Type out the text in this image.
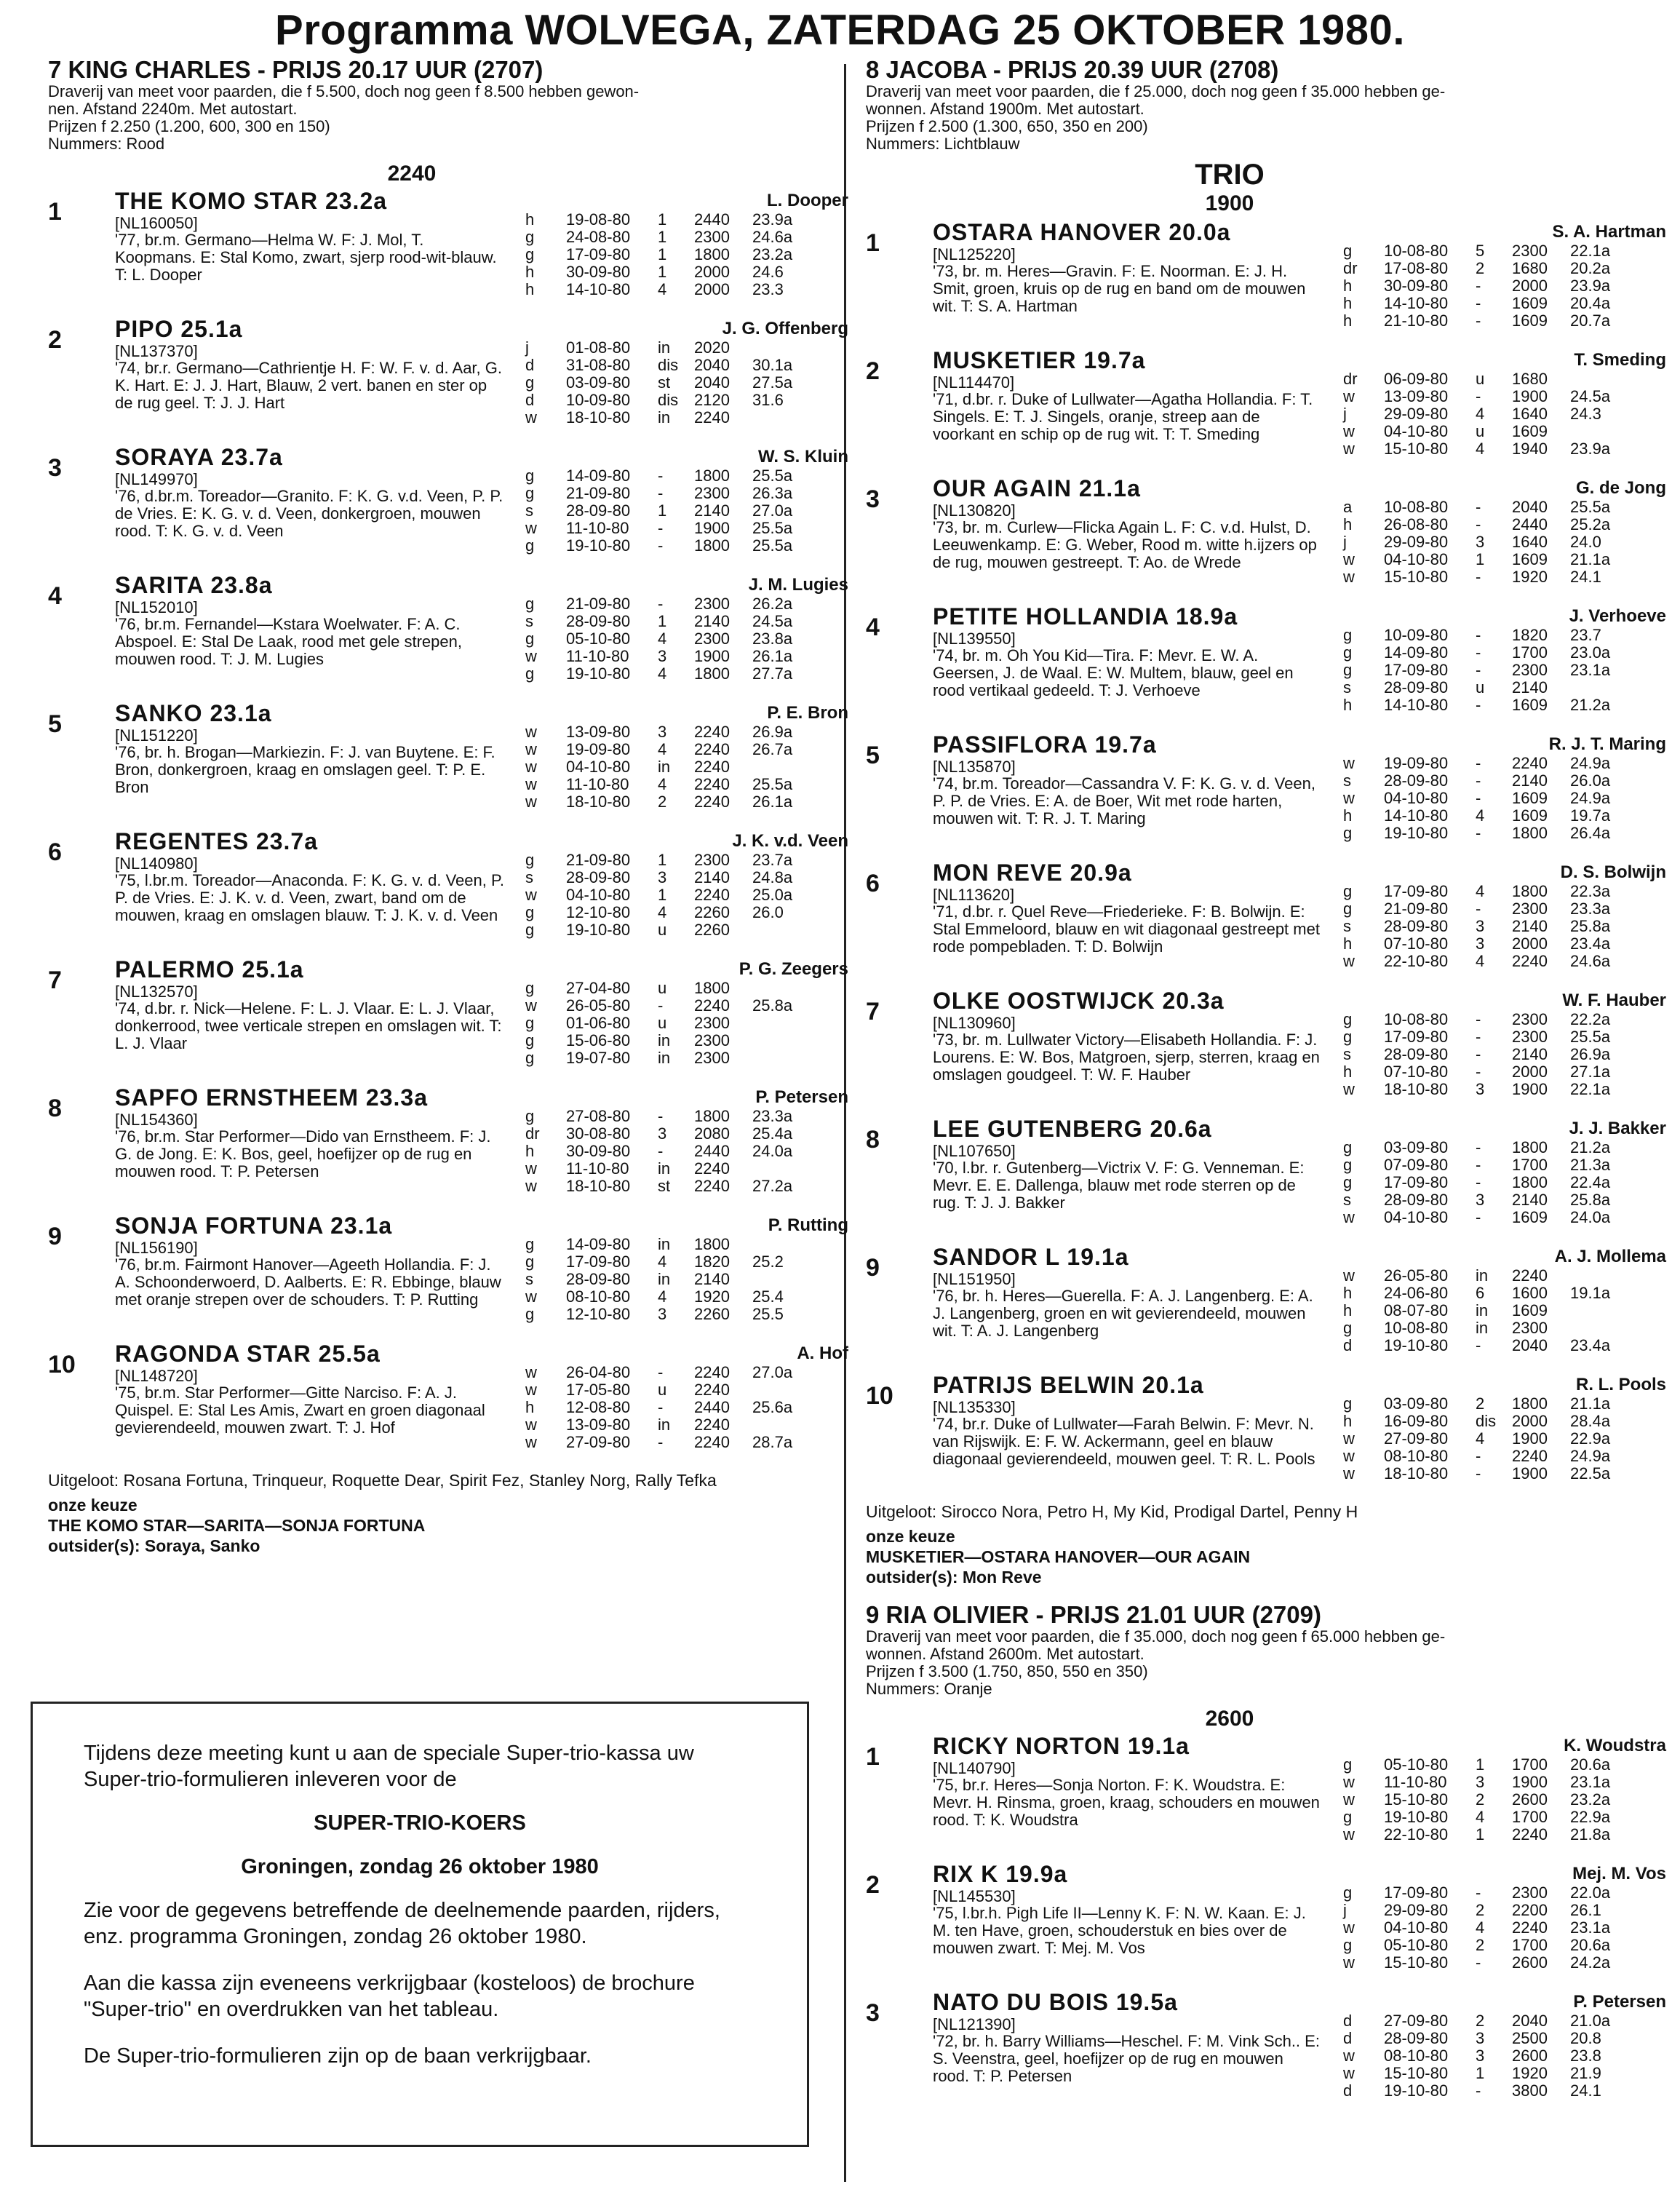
Programma WOLVEGA, ZATERDAG 25 OKTOBER 1980.
7 KING CHARLES - PRIJS 20.17 UUR (2707)
Draverij van meet voor paarden, die f 5.500, doch nog geen f 8.500 hebben gewon-
nen. Afstand 2240m. Met autostart.
Prijzen f 2.250 (1.200, 600, 300 en 150)
Nummers: Rood
2240
1 THE KOMO STAR 23.2a	L. Dooper
[NL160050]
'77, br.m. Germano—Helma W. F: J. Mol, T. Koopmans. E: Stal Komo, zwart, sjerp rood-wit-blauw. T: L. Dooper
h	19-08-80	1	2440	23.9a
g	24-08-80	1	2300	24.6a
g	17-09-80	1	1800	23.2a
h	30-09-80	1	2000	24.6
h	14-10-80	4	2000	23.3
2 PIPO 25.1a	J. G. Offenberg
[NL137370]
'74, br.r. Germano—Cathrientje H. F: W. F. v. d. Aar, G. K. Hart. E: J. J. Hart, Blauw, 2 vert. banen en ster op de rug geel. T: J. J. Hart
j	01-08-80	in	2020
d	31-08-80	dis 2040	30.1a
g	03-09-80	st	2040	27.5a
d	10-09-80	dis 2120	31.6
w	18-10-80	in	2240
3 SORAYA 23.7a	W. S. Kluin
[NL149970]
'76, d.br.m. Toreador—Granito. F: K. G. v.d. Veen, P. P. de Vries. E: K. G. v. d. Veen, donkergroen, mouwen rood. T: K. G. v. d. Veen
g	14-09-80	-	1800	25.5a
g	21-09-80	-	2300	26.3a
s	28-09-80	1	2140	27.0a
w	11-10-80	-	1900	25.5a
g	19-10-80	-	1800	25.5a
4 SARITA 23.8a	J. M. Lugies
[NL152010]
'76, br.m. Fernandel—Kstara Woelwater. F: A. C. Abspoel. E: Stal De Laak, rood met gele strepen, mouwen rood. T: J. M. Lugies
g	21-09-80	-	2300	26.2a
s	28-09-80	1	2140	24.5a
g	05-10-80	4	2300	23.8a
w	11-10-80	3	1900	26.1a
g	19-10-80	4	1800	27.7a
5 SANKO 23.1a	P. E. Bron
[NL151220]
'76, br. h. Brogan—Markiezin. F: J. van Buytene. E: F. Bron, donkergroen, kraag en omslagen geel. T: P. E. Bron
w	13-09-80	3	2240	26.9a
w	19-09-80	4	2240	26.7a
w	04-10-80	in	2240
w	11-10-80	4	2240	25.5a
w	18-10-80	2	2240	26.1a
6 REGENTES 23.7a	J. K. v.d. Veen
[NL140980]
'75, l.br.m. Toreador—Anaconda. F: K. G. v. d. Veen, P. P. de Vries. E: J. K. v. d. Veen, zwart, band om de mouwen, kraag en omslagen blauw. T: J. K. v. d. Veen
g	21-09-80	1	2300	23.7a
s	28-09-80	3	2140	24.8a
w	04-10-80	1	2240	25.0a
g	12-10-80	4	2260	26.0
g	19-10-80	u	2260
7 PALERMO 25.1a	P. G. Zeegers
[NL132570]
'74, d.br. r. Nick—Helene. F: L. J. Vlaar. E: L. J. Vlaar, donkerrood, twee verticale strepen en omslagen wit. T: L. J. Vlaar
g	27-04-80	u	1800
w	26-05-80	-	2240	25.8a
g	01-06-80	u	2300
g	15-06-80	in	2300
g	19-07-80	in	2300
8 SAPFO ERNSTHEEM 23.3a	P. Petersen
[NL154360]
'76, br.m. Star Performer—Dido van Ernstheem. F: J. G. de Jong. E: K. Bos, geel, hoefijzer op de rug en mouwen rood. T: P. Petersen
g	27-08-80	-	1800	23.3a
dr	30-08-80	3	2080	25.4a
h	30-09-80	-	2440	24.0a
w	11-10-80	in	2240
w	18-10-80	st	2240	27.2a
9 SONJA FORTUNA 23.1a	P. Rutting
[NL156190]
'76, br.m. Fairmont Hanover—Ageeth Hollandia. F: J. A. Schoonderwoerd, D. Aalberts. E: R. Ebbinge, blauw met oranje strepen over de schouders. T: P. Rutting
g	14-09-80	in	1800
g	17-09-80	4	1820	25.2
s	28-09-80	in	2140
w	08-10-80	4	1920	25.4
g	12-10-80	3	2260	25.5
10 RAGONDA STAR 25.5a	A. Hof
[NL148720]
'75, br.m. Star Performer—Gitte Narciso. F: A. J. Quispel. E: Stal Les Amis, Zwart en groen diagonaal gevierendeeld, mouwen zwart. T: J. Hof
w	26-04-80	-	2240	27.0a
w	17-05-80	u	2240
h	12-08-80	-	2440	25.6a
w	13-09-80	in	2240
w	27-09-80	-	2240	28.7a
Uitgeloot: Rosana Fortuna, Trinqueur, Roquette Dear, Spirit Fez, Stanley Norg, Rally Tefka
onze keuze
THE KOMO STAR—SARITA—SONJA FORTUNA
outsider(s): Soraya, Sanko
8 JACOBA - PRIJS 20.39 UUR (2708)
Draverij van meet voor paarden, die f 25.000, doch nog geen f 35.000 hebben ge-
wonnen. Afstand 1900m. Met autostart.
Prijzen f 2.500 (1.300, 650, 350 en 200)
Nummers: Lichtblauw
TRIO
1900
1 OSTARA HANOVER 20.0a	S. A. Hartman
[NL125220]
'73, br. m. Heres—Gravin. F: E. Noorman. E: J. H. Smit, groen, kruis op de rug en band om de mouwen wit. T: S. A. Hartman
g	10-08-80	5	2300	22.1a
dr	17-08-80	2	1680	20.2a
h	30-09-80	-	2000	23.9a
h	14-10-80	-	1609	20.4a
h	21-10-80	-	1609	20.7a
2 MUSKETIER 19.7a	T. Smeding
[NL114470]
'71, d.br. r. Duke of Lullwater—Agatha Hollandia. F: T. Singels. E: T. J. Singels, oranje, streep aan de voorkant en schip op de rug wit. T: T. Smeding
dr	06-09-80	u	1680
w	13-09-80	-	1900	24.5a
j	29-09-80	4	1640	24.3
w	04-10-80	u	1609
w	15-10-80	4	1940	23.9a
3 OUR AGAIN 21.1a	G. de Jong
[NL130820]
'73, br. m. Curlew—Flicka Again L. F: C. v.d. Hulst, D. Leeuwenkamp. E: G. Weber, Rood m. witte h.ijzers op de rug, mouwen gestreept. T: Ao. de Wrede
a	10-08-80	-	2040	25.5a
h	26-08-80	-	2440	25.2a
j	29-09-80	3	1640	24.0
w	04-10-80	1	1609	21.1a
w	15-10-80	-	1920	24.1
4 PETITE HOLLANDIA 18.9a	J. Verhoeve
[NL139550]
'74, br. m. Oh You Kid—Tira. F: Mevr. E. W. A. Geersen, J. de Waal. E: W. Multem, blauw, geel en rood vertikaal gedeeld. T: J. Verhoeve
g	10-09-80	-	1820	23.7
g	14-09-80	-	1700	23.0a
g	17-09-80	-	2300	23.1a
s	28-09-80	u	2140
h	14-10-80	-	1609	21.2a
5 PASSIFLORA 19.7a	R. J. T. Maring
[NL135870]
'74, br.m. Toreador—Cassandra V. F: K. G. v. d. Veen, P. P. de Vries. E: A. de Boer, Wit met rode harten, mouwen wit. T: R. J. T. Maring
w	19-09-80	-	2240	24.9a
s	28-09-80	-	2140	26.0a
w	04-10-80	-	1609	24.9a
h	14-10-80	4	1609	19.7a
g	19-10-80	-	1800	26.4a
6 MON REVE 20.9a	D. S. Bolwijn
[NL113620]
'71, d.br. r. Quel Reve—Friederieke. F: B. Bolwijn. E: Stal Emmeloord, blauw en wit diagonaal gestreept met rode pompebladen. T: D. Bolwijn
g	17-09-80	4	1800	22.3a
g	21-09-80	-	2300	23.3a
s	28-09-80	3	2140	25.8a
h	07-10-80	3	2000	23.4a
w	22-10-80	4	2240	24.6a
7 OLKE OOSTWIJCK 20.3a	W. F. Hauber
[NL130960]
'73, br. m. Lullwater Victory—Elisabeth Hollandia. F: J. Lourens. E: W. Bos, Matgroen, sjerp, sterren, kraag en omslagen goudgeel. T: W. F. Hauber
g	10-08-80	-	2300	22.2a
g	17-09-80	-	2300	25.5a
s	28-09-80	-	2140	26.9a
h	07-10-80	-	2000	27.1a
w	18-10-80	3	1900	22.1a
8 LEE GUTENBERG 20.6a	J. J. Bakker
[NL107650]
'70, l.br. r. Gutenberg—Victrix V. F: G. Venneman. E: Mevr. E. E. Dallenga, blauw met rode sterren op de rug. T: J. J. Bakker
g	03-09-80	-	1800	21.2a
g	07-09-80	-	1700	21.3a
g	17-09-80	-	1800	22.4a
s	28-09-80	3	2140	25.8a
w	04-10-80	-	1609	24.0a
9 SANDOR L 19.1a	A. J. Mollema
[NL151950]
'76, br. h. Heres—Guerella. F: A. J. Langenberg. E: A. J. Langenberg, groen en wit gevierendeeld, mouwen wit. T: A. J. Langenberg
w	26-05-80	in	2240
h	24-06-80	6	1600	19.1a
h	08-07-80	in	1609
g	10-08-80	in	2300
d	19-10-80	-	2040	23.4a
10 PATRIJS BELWIN 20.1a	R. L. Pools
[NL135330]
'74, br.r. Duke of Lullwater—Farah Belwin. F: Mevr. N. van Rijswijk. E: F. W. Ackermann, geel en blauw diagonaal gevierendeeld, mouwen geel. T: R. L. Pools
g	03-09-80	2	1800	21.1a
h	16-09-80	dis 2000	28.4a
w	27-09-80	4	1900	22.9a
w	08-10-80	-	2240	24.9a
w	18-10-80	-	1900	22.5a
Uitgeloot: Sirocco Nora, Petro H, My Kid, Prodigal Dartel, Penny H
onze keuze
MUSKETIER—OSTARA HANOVER—OUR AGAIN
outsider(s): Mon Reve
9 RIA OLIVIER - PRIJS 21.01 UUR (2709)
Draverij van meet voor paarden, die f 35.000, doch nog geen f 65.000 hebben ge-
wonnen. Afstand 2600m. Met autostart.
Prijzen f 3.500 (1.750, 850, 550 en 350)
Nummers: Oranje
2600
1 RICKY NORTON 19.1a	K. Woudstra
[NL140790]
'75, br.r. Heres—Sonja Norton. F: K. Woudstra. E: Mevr. H. Rinsma, groen, kraag, schouders en mouwen rood. T: K. Woudstra
g	05-10-80	1	1700	20.6a
w	11-10-80	3	1900	23.1a
w	15-10-80	2	2600	23.2a
g	19-10-80	4	1700	22.9a
w	22-10-80	1	2240	21.8a
2 RIX K 19.9a	Mej. M. Vos
[NL145530]
'75, l.br.h. Pigh Life II—Lenny K. F: N. W. Kaan. E: J. M. ten Have, groen, schouderstuk en bies over de mouwen zwart. T: Mej. M. Vos
g	17-09-80	-	2300	22.0a
j	29-09-80	2	2200	26.1
w	04-10-80	4	2240	23.1a
g	05-10-80	2	1700	20.6a
w	15-10-80	-	2600	24.2a
3 NATO DU BOIS 19.5a	P. Petersen
[NL121390]
'72, br. h. Barry Williams—Heschel. F: M. Vink Sch.. E: S. Veenstra, geel, hoefijzer op de rug en mouwen rood. T: P. Petersen
d	27-09-80	2	2040	21.0a
d	28-09-80	3	2500	20.8
w	08-10-80	3	2600	23.8
w	15-10-80	1	1920	21.9
d	19-10-80	-	3800	24.1
Tijdens deze meeting kunt u aan de speciale Super-trio-kassa uw Super-trio-formulieren inleveren voor de
SUPER-TRIO-KOERS
Groningen, zondag 26 oktober 1980
Zie voor de gegevens betreffende de deelnemende paarden, rijders, enz. programma Groningen, zondag 26 oktober 1980.
Aan die kassa zijn eveneens verkrijgbaar (kosteloos) de brochure "Super-trio" en overdrukken van het tableau.
De Super-trio-formulieren zijn op de baan verkrijgbaar.
